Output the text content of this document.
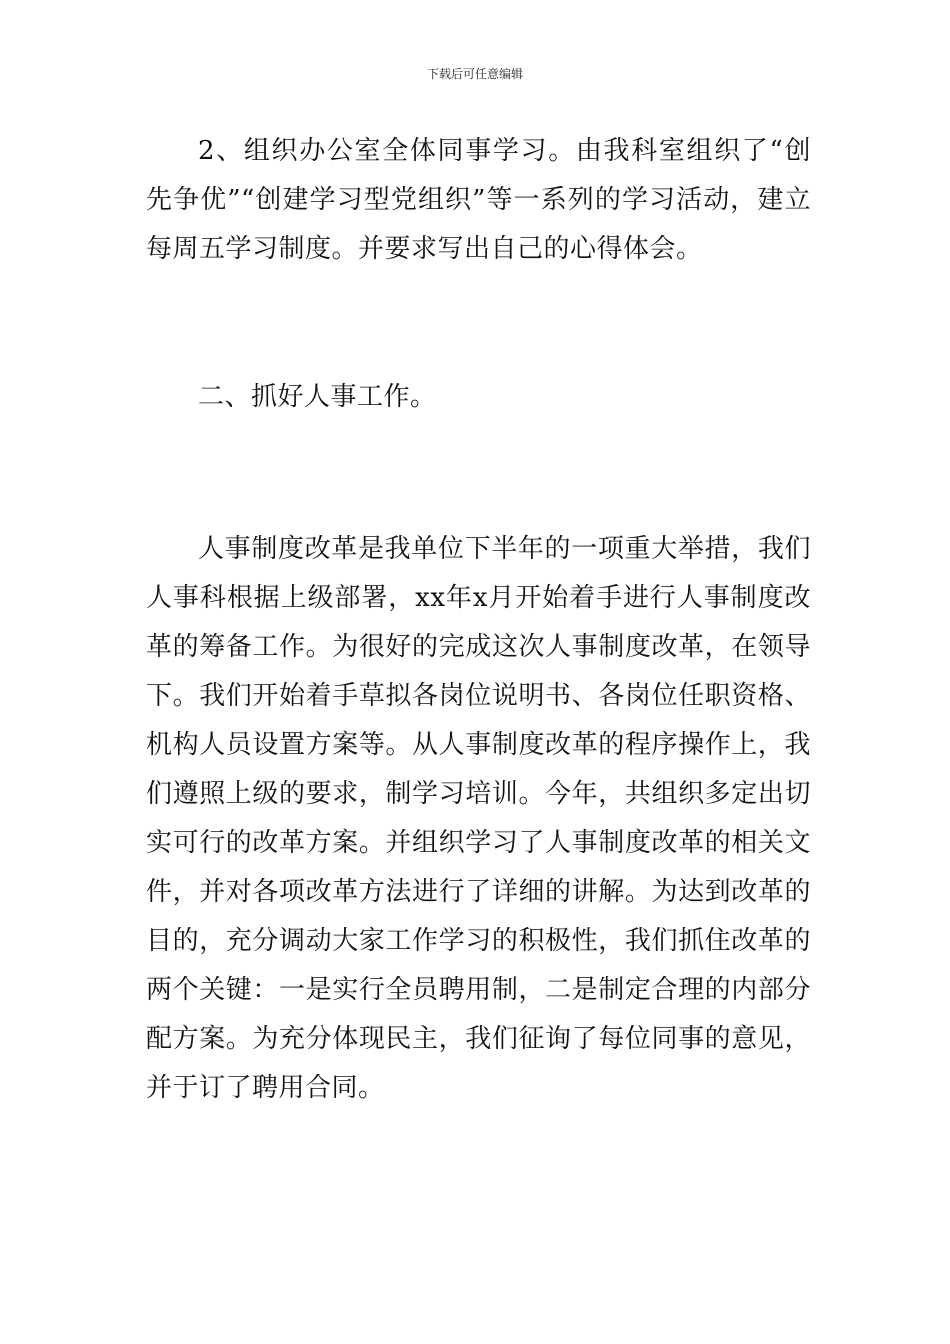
下载后可任意编辑

2、组织办公室全体同事学习。由我科室组织了“创先争优”“创建学习型党组织”等一系列的学习活动，建立每周五学习制度。并要求写出自己的心得体会。

二、抓好人事工作。

人事制度改革是我单位下半年的一项重大举措，我们人事科根据上级部署，xx年x月开始着手进行人事制度改革的筹备工作。为很好的完成这次人事制度改革，在领导下。我们开始着手草拟各岗位说明书、各岗位任职资格、机构人员设置方案等。从人事制度改革的程序操作上，我们遵照上级的要求，制学习培训。今年，共组织多定出切实可行的改革方案。并组织学习了人事制度改革的相关文件，并对各项改革方法进行了详细的讲解。为达到改革的目的，充分调动大家工作学习的积极性，我们抓住改革的两个关键：一是实行全员聘用制，二是制定合理的内部分配方案。为充分体现民主，我们征询了每位同事的意见，并于订了聘用合同。
